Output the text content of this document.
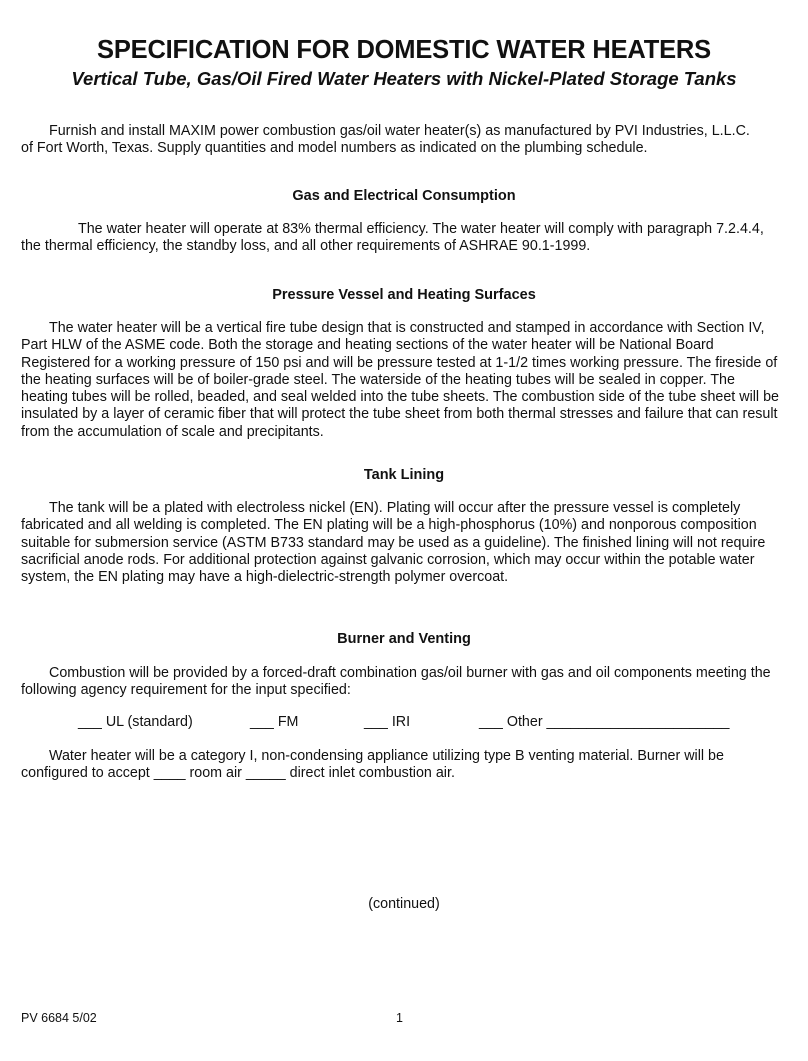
SPECIFICATION FOR DOMESTIC WATER HEATERS
Vertical Tube, Gas/Oil Fired Water Heaters with Nickel-Plated Storage Tanks
Furnish and install MAXIM power combustion gas/oil water heater(s) as manufactured by PVI Industries, L.L.C.
of Fort Worth, Texas. Supply quantities and model numbers as indicated on the plumbing schedule.
Gas and Electrical Consumption
The water heater will operate at 83% thermal efficiency. The water heater will comply with paragraph 7.2.4.4,
the thermal efficiency, the standby loss, and all other requirements of ASHRAE 90.1-1999.
Pressure Vessel and Heating Surfaces
The water heater will be a vertical fire tube design that is constructed and stamped in accordance with Section IV,
Part HLW of the ASME code. Both the storage and heating sections of the water heater will be National Board
Registered for a working pressure of 150 psi and will be pressure tested at 1-1/2 times working pressure. The fireside of
the heating surfaces will be of boiler-grade steel. The waterside of the heating tubes will be sealed in copper. The
heating tubes will be rolled, beaded, and seal welded into the tube sheets. The combustion side of the tube sheet will be
insulated by a layer of ceramic fiber that will protect the tube sheet from both thermal stresses and failure that can result
from the accumulation of scale and precipitants.
Tank Lining
The tank will be a plated with electroless nickel (EN). Plating will occur after the pressure vessel is completely
fabricated and all welding is completed. The EN plating will be a high-phosphorus (10%) and nonporous composition
suitable for submersion service (ASTM B733 standard may be used as a guideline). The finished lining will not require
sacrificial anode rods. For additional protection against galvanic corrosion, which may occur within the potable water
system, the EN plating may have a high-dielectric-strength polymer overcoat.
Burner and Venting
Combustion will be provided by a forced-draft combination gas/oil burner with gas and oil components meeting the
following agency requirement for the input specified:
___ UL (standard)	___ FM	___ IRI	___ Other _______________________
Water heater will be a category I, non-condensing appliance utilizing type B venting material. Burner will be
configured to accept ____ room air _____ direct inlet combustion air.
(continued)
PV 6684 5/02	1
